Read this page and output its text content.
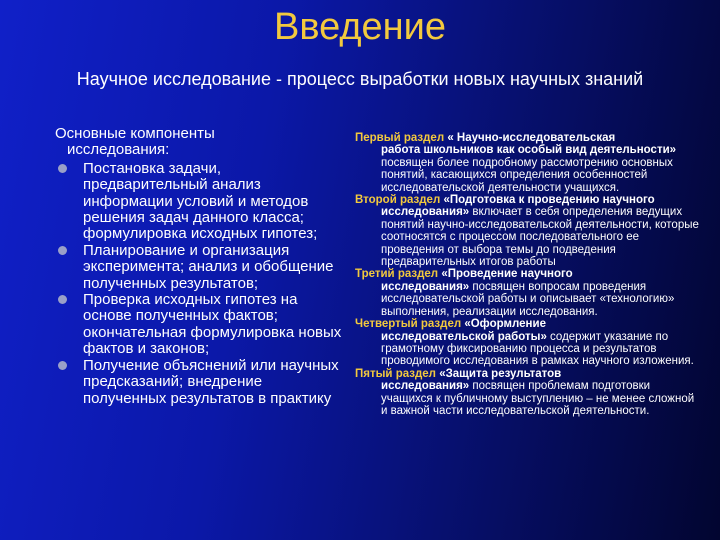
Введение
Научное исследование - процесс выработки новых научных знаний
Основные компоненты
исследования:
Постановка задачи, предварительный анализ информации условий и методов решения задач данного класса; формулировка исходных гипотез;
Планирование и организация эксперимента; анализ и обобщение полученных результатов;
Проверка исходных гипотез на основе полученных фактов; окончательная формулировка новых фактов и законов;
Получение объяснений или научных предсказаний; внедрение полученных результатов в практику
Первый раздел « Научно-исследовательская
работа школьников как особый вид деятельности» посвящен более подробному рассмотрению основных понятий, касающихся определения особенностей исследовательской деятельности учащихся.
Второй раздел «Подготовка к проведению научного
исследования» включает в себя определения ведущих понятий научно-исследовательской деятельности, которые соотносятся с процессом последовательного ее проведения от выбора темы до подведения предварительных итогов работы
Третий раздел «Проведение научного
исследования» посвящен вопросам проведения исследовательской работы и описывает «технологию» выполнения, реализации исследования.
Четвертый раздел «Оформление
исследовательской работы» содержит указание по грамотному фиксированию процесса и результатов проводимого исследования в рамках научного изложения.
Пятый раздел «Защита результатов
исследования» посвящен проблемам подготовки учащихся к публичному выступлению – не менее сложной и важной части исследовательской деятельности.
